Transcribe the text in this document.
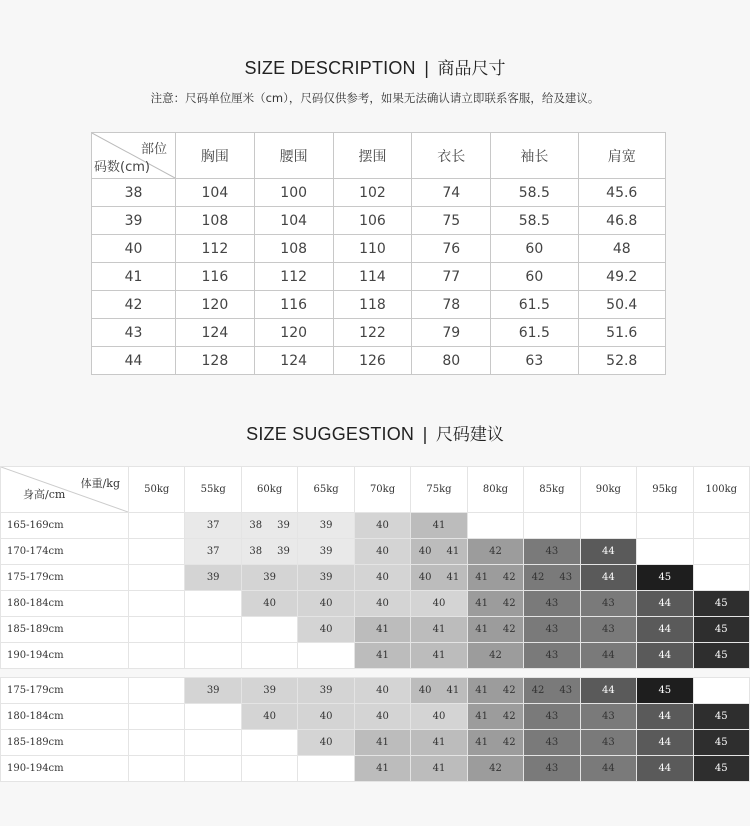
SIZE DESCRIPTION | 商品尺寸
注意：尺码单位厘米（cm），尺码仅供参考，如果无法确认请立即联系客服，给及建议。
部位
码数(cm)	胸围	腰围	摆围	衣长	袖长	肩宽
38	104	100	102	74	58.5	45.6
39	108	104	106	75	58.5	46.8
40	112	108	110	76	60	48
41	116	112	114	77	60	49.2
42	120	116	118	78	61.5	50.4
43	124	120	122	79	61.5	51.6
44	128	124	126	80	63	52.8
SIZE SUGGESTION | 尺码建议
体重/kg
身高/cm	50kg	55kg	60kg	65kg	70kg	75kg	80kg	85kg	90kg	95kg	100kg
165-169cm		37	38 39	39	40	41					

170-174cm		37	38 39	39	40	40 41	42	43	44		

175-179cm		39	39	39	40	40 41	41 42	42 43	44	45	

180-184cm			40	40	40	40	41 42	43	43	44	45

185-189cm				40	41	41	41 42	43	43	44	45

190-194cm					41	41	42	43	44	44	45

175-179cm		39	39	39	40	40 41	41 42	42 43	44	45	

180-184cm			40	40	40	40	41 42	43	43	44	45

185-189cm				40	41	41	41 42	43	43	44	45

190-194cm					41	41	42	43	44	44	45
